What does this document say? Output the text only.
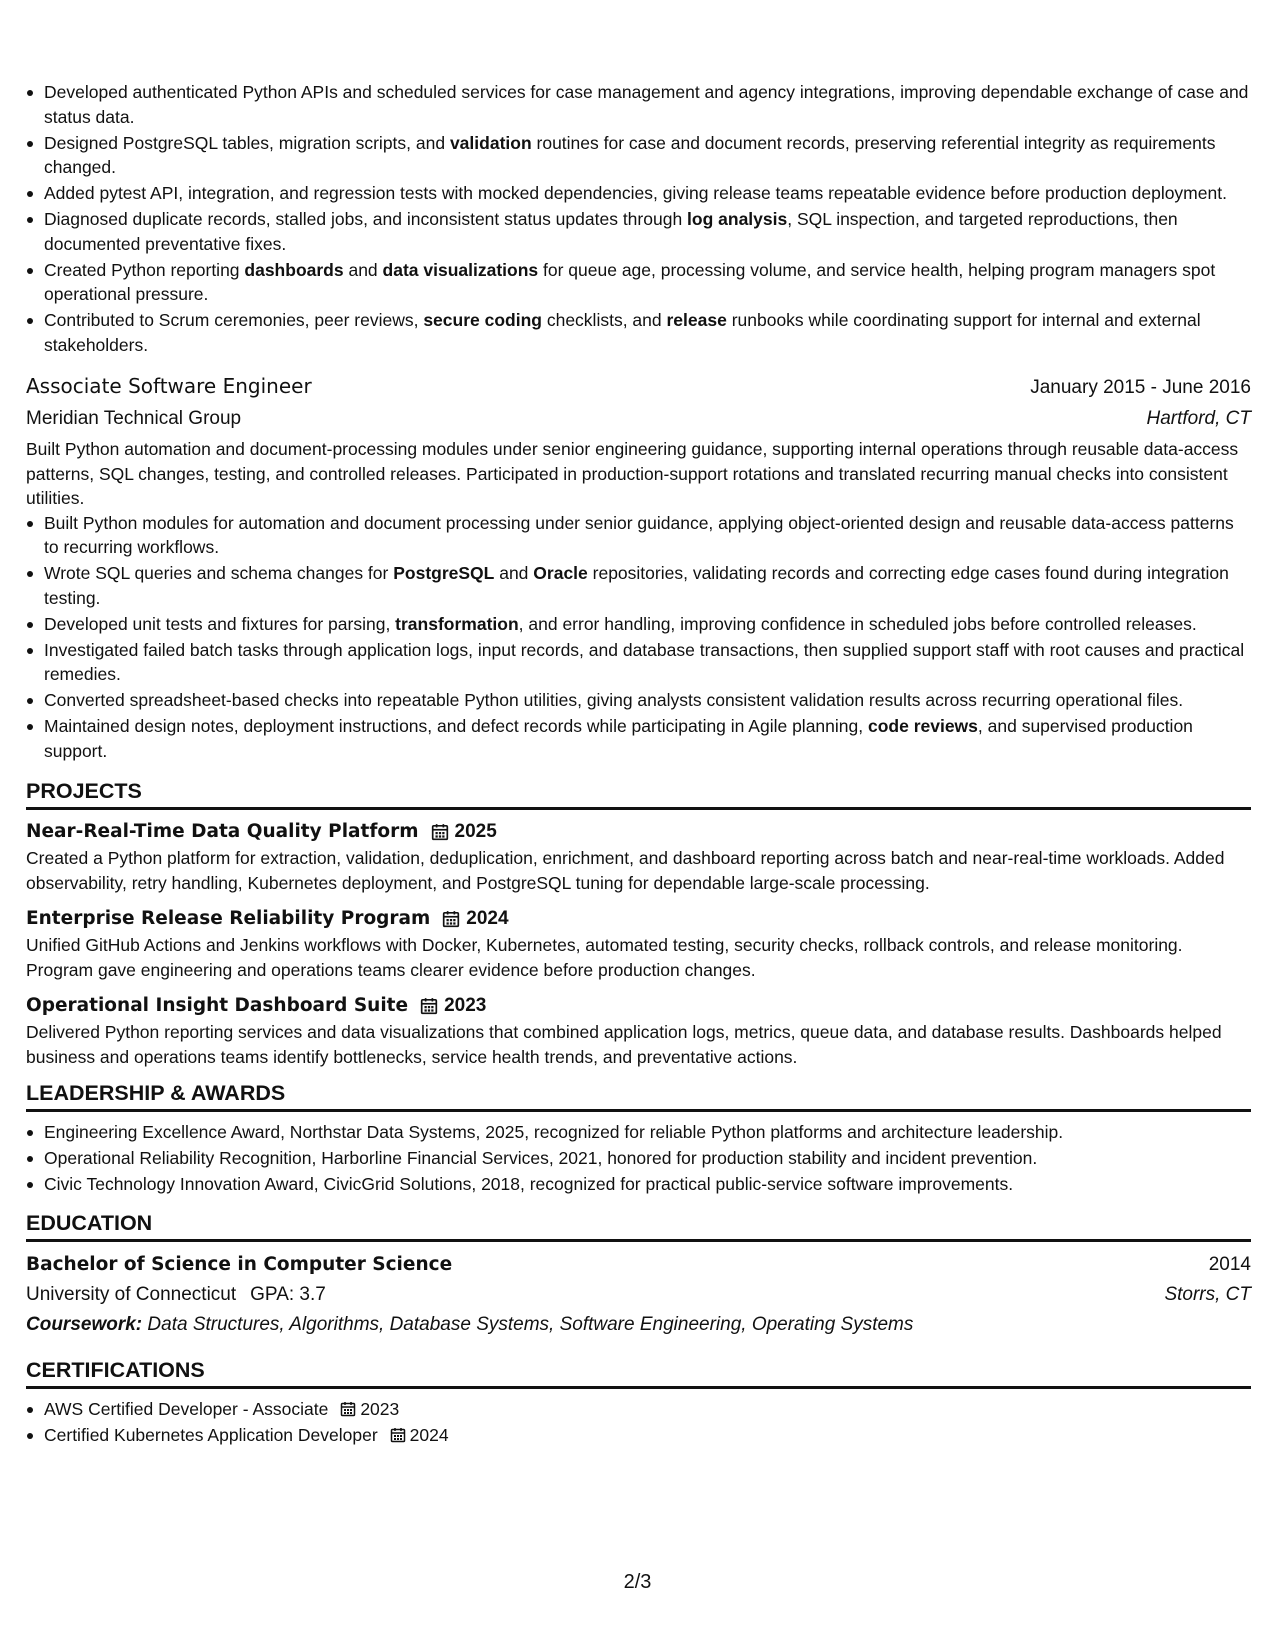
Developed authenticated Python APIs and scheduled services for case management and agency integrations, improving dependable exchange of case and status data.
Designed PostgreSQL tables, migration scripts, and validation routines for case and document records, preserving referential integrity as requirements changed.
Added pytest API, integration, and regression tests with mocked dependencies, giving release teams repeatable evidence before production deployment.
Diagnosed duplicate records, stalled jobs, and inconsistent status updates through log analysis, SQL inspection, and targeted reproductions, then documented preventative fixes.
Created Python reporting dashboards and data visualizations for queue age, processing volume, and service health, helping program managers spot operational pressure.
Contributed to Scrum ceremonies, peer reviews, secure coding checklists, and release runbooks while coordinating support for internal and external stakeholders.
Associate Software Engineer	January 2015 - June 2016
Meridian Technical Group	Hartford, CT
Built Python automation and document-processing modules under senior engineering guidance, supporting internal operations through reusable data-access patterns, SQL changes, testing, and controlled releases. Participated in production-support rotations and translated recurring manual checks into consistent utilities.
Built Python modules for automation and document processing under senior guidance, applying object-oriented design and reusable data-access patterns to recurring workflows.
Wrote SQL queries and schema changes for PostgreSQL and Oracle repositories, validating records and correcting edge cases found during integration testing.
Developed unit tests and fixtures for parsing, transformation, and error handling, improving confidence in scheduled jobs before controlled releases.
Investigated failed batch tasks through application logs, input records, and database transactions, then supplied support staff with root causes and practical remedies.
Converted spreadsheet-based checks into repeatable Python utilities, giving analysts consistent validation results across recurring operational files.
Maintained design notes, deployment instructions, and defect records while participating in Agile planning, code reviews, and supervised production support.
PROJECTS
Near-Real-Time Data Quality Platform 2025
Created a Python platform for extraction, validation, deduplication, enrichment, and dashboard reporting across batch and near-real-time workloads. Added observability, retry handling, Kubernetes deployment, and PostgreSQL tuning for dependable large-scale processing.
Enterprise Release Reliability Program 2024
Unified GitHub Actions and Jenkins workflows with Docker, Kubernetes, automated testing, security checks, rollback controls, and release monitoring. Program gave engineering and operations teams clearer evidence before production changes.
Operational Insight Dashboard Suite 2023
Delivered Python reporting services and data visualizations that combined application logs, metrics, queue data, and database results. Dashboards helped business and operations teams identify bottlenecks, service health trends, and preventative actions.
LEADERSHIP & AWARDS
Engineering Excellence Award, Northstar Data Systems, 2025, recognized for reliable Python platforms and architecture leadership.
Operational Reliability Recognition, Harborline Financial Services, 2021, honored for production stability and incident prevention.
Civic Technology Innovation Award, CivicGrid Solutions, 2018, recognized for practical public-service software improvements.
EDUCATION
Bachelor of Science in Computer Science	2014
University of Connecticut GPA: 3.7	Storrs, CT
Coursework: Data Structures, Algorithms, Database Systems, Software Engineering, Operating Systems
CERTIFICATIONS
AWS Certified Developer - Associate 2023
Certified Kubernetes Application Developer 2024
2/3
